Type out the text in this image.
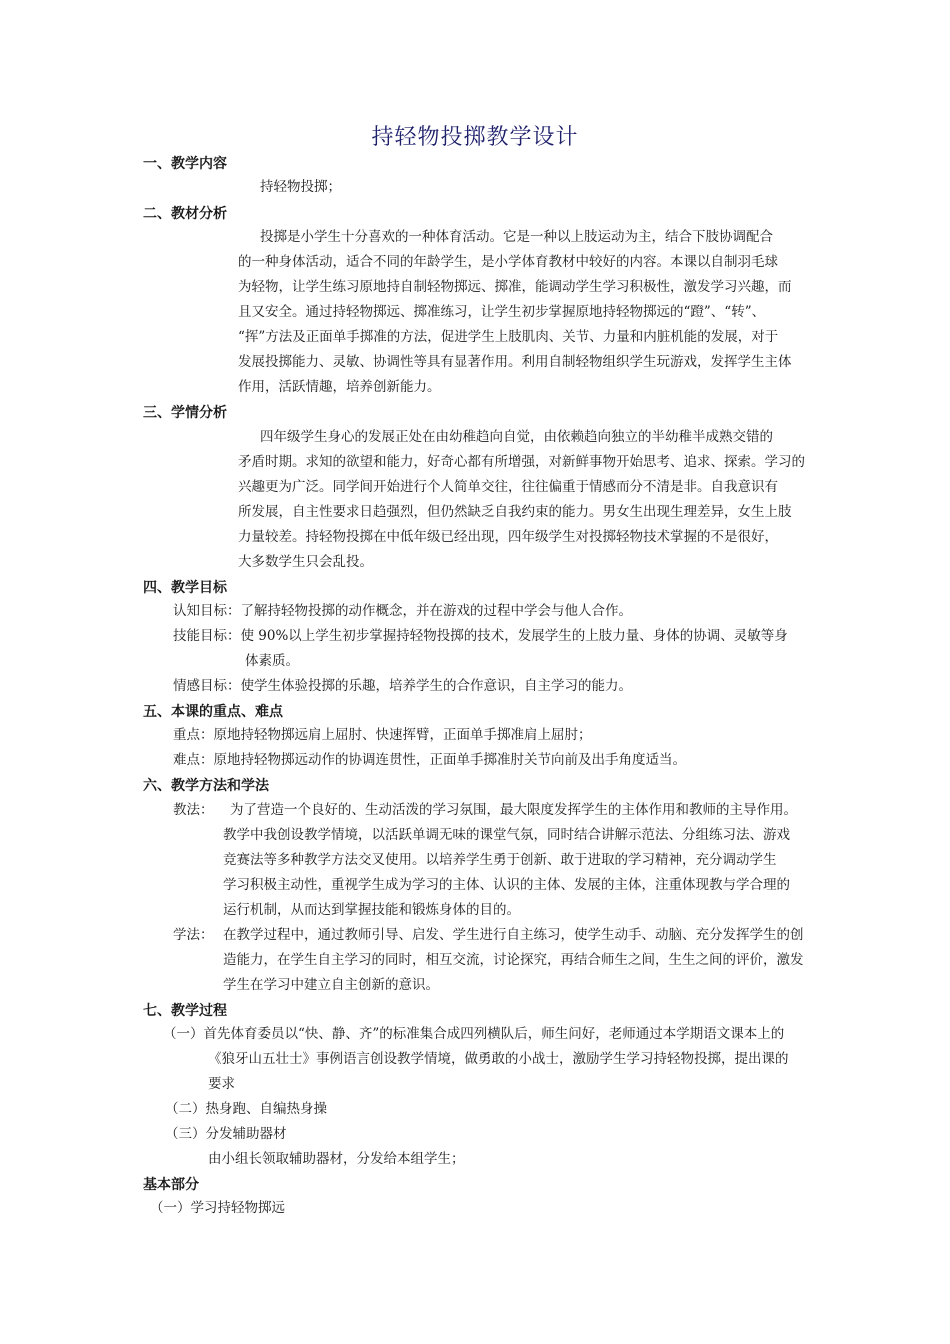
持轻物投掷教学设计
一、教学内容
持轻物投掷；
二、教材分析
投掷是小学生十分喜欢的一种体育活动。它是一种以上肢运动为主，结合下肢协调配合
的一种身体活动，适合不同的年龄学生，是小学体育教材中较好的内容。本课以自制羽毛球
为轻物，让学生练习原地持自制轻物掷远、掷准，能调动学生学习积极性，激发学习兴趣，而
且又安全。通过持轻物掷远、掷准练习，让学生初步掌握原地持轻物掷远的“蹬”、“转”、
“挥”方法及正面单手掷准的方法，促进学生上肢肌肉、关节、力量和内脏机能的发展，对于
发展投掷能力、灵敏、协调性等具有显著作用。利用自制轻物组织学生玩游戏，发挥学生主体
作用，活跃情趣，培养创新能力。
三、学情分析
四年级学生身心的发展正处在由幼稚趋向自觉，由依赖趋向独立的半幼稚半成熟交错的
矛盾时期。求知的欲望和能力，好奇心都有所增强，对新鲜事物开始思考、追求、探索。学习的
兴趣更为广泛。同学间开始进行个人简单交往，往往偏重于情感而分不清是非。自我意识有
所发展，自主性要求日趋强烈，但仍然缺乏自我约束的能力。男女生出现生理差异，女生上肢
力量较差。持轻物投掷在中低年级已经出现，四年级学生对投掷轻物技术掌握的不是很好，
大多数学生只会乱投。
四、教学目标
认知目标：了解持轻物投掷的动作概念，并在游戏的过程中学会与他人合作。
技能目标：使 90%以上学生初步掌握持轻物投掷的技术，发展学生的上肢力量、身体的协调、灵敏等身
体素质。
情感目标：使学生体验投掷的乐趣，培养学生的合作意识，自主学习的能力。
五、本课的重点、难点
重点：原地持轻物掷远肩上屈肘、快速挥臂，正面单手掷准肩上屈肘；
难点：原地持轻物掷远动作的协调连贯性，正面单手掷准肘关节向前及出手角度适当。
六、教学方法和学法
教法： 为了营造一个良好的、生动活泼的学习氛围，最大限度发挥学生的主体作用和教师的主导作用。
教学中我创设教学情境，以活跃单调无味的课堂气氛，同时结合讲解示范法、分组练习法、游戏
竞赛法等多种教学方法交叉使用。以培养学生勇于创新、敢于进取的学习精神，充分调动学生
学习积极主动性，重视学生成为学习的主体、认识的主体、发展的主体，注重体现教与学合理的
运行机制，从而达到掌握技能和锻炼身体的目的。
学法： 在教学过程中，通过教师引导、启发、学生进行自主练习，使学生动手、动脑、充分发挥学生的创
造能力，在学生自主学习的同时，相互交流，讨论探究，再结合师生之间，生生之间的评价，激发
学生在学习中建立自主创新的意识。
七、教学过程
（一）首先体育委员以“快、静、齐”的标准集合成四列横队后，师生问好，老师通过本学期语文课本上的
《狼牙山五壮士》事例语言创设教学情境，做勇敢的小战士，激励学生学习持轻物投掷，提出课的
要求
（二）热身跑、自编热身操
（三）分发辅助器材
由小组长领取辅助器材，分发给本组学生；
基本部分
（一）学习持轻物掷远
